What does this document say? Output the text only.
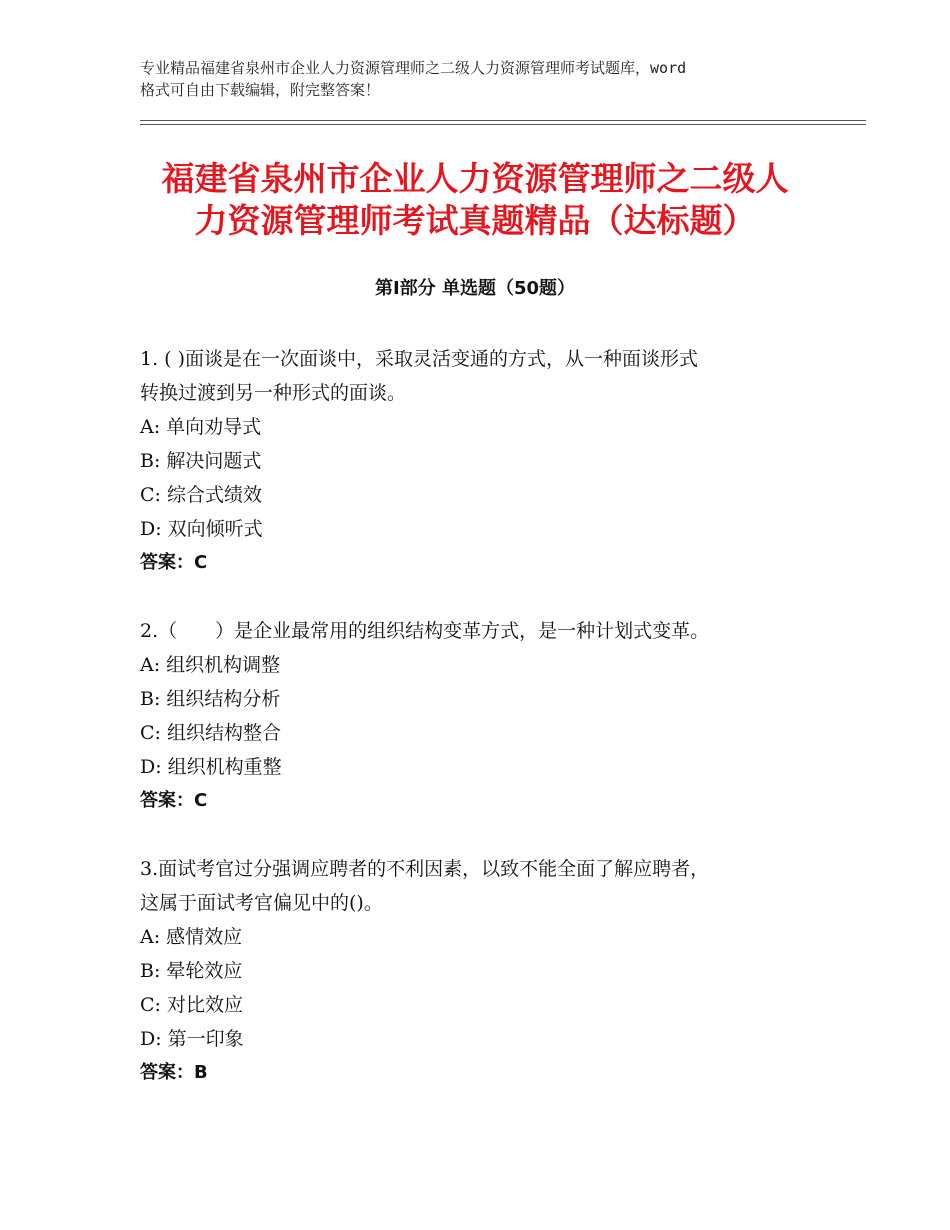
专业精品福建省泉州市企业人力资源管理师之二级人力资源管理师考试题库，word
格式可自由下载编辑，附完整答案！
福建省泉州市企业人力资源管理师之二级人
力资源管理师考试真题精品（达标题）
第Ⅰ部分 单选题（50题）
1. ( )面谈是在一次面谈中，采取灵活变通的方式，从一种面谈形式
转换过渡到另一种形式的面谈。
A: 单向劝导式
B: 解决问题式
C: 综合式绩效
D: 双向倾听式
答案：C
2.（　　）是企业最常用的组织结构变革方式，是一种计划式变革。
A: 组织机构调整
B: 组织结构分析
C: 组织结构整合
D: 组织机构重整
答案：C
3.面试考官过分强调应聘者的不利因素，以致不能全面了解应聘者，
这属于面试考官偏见中的()。
A: 感情效应
B: 晕轮效应
C: 对比效应
D: 第一印象
答案：B
